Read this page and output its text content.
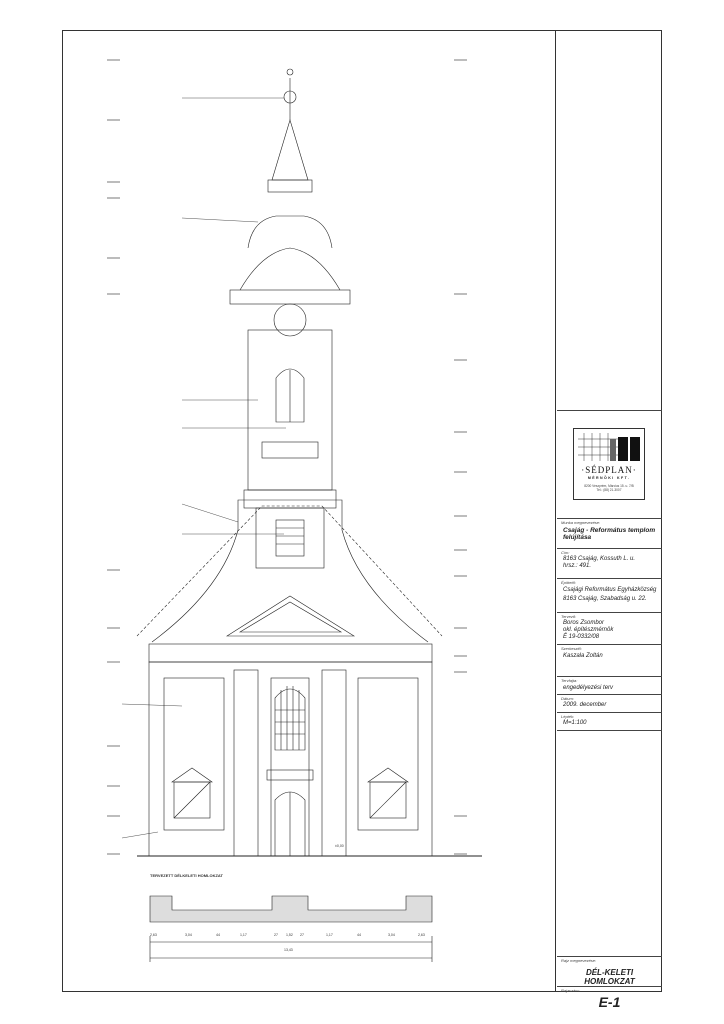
TERVEZETT DÉLKELETI HOMLOKZAT
·SÉDPLAN·
MÉRNÖKI KFT.
8200 Veszprém, Március 15. u. 7/B
Tel.: (88) 21-3007
Munka megnevezése:
Csajág - Református templom felújítása
Cím:
8163 Csajág, Kossuth L. u.
hrsz.: 491.
Építtető:
Csajági Református Egyházközség
8163 Csajág, Szabadság u. 22.
Tervező:
Boros Zsombor
okl. építészmérnök
É 19-0332/08
Szerkesztő:
Kaszala Zoltán
Tervfajta:
engedélyezési terv
Dátum:
2009. december
Lépték:
M=1:100
Rajz megnevezése:
DÉL-KELETI
HOMLOKZAT
Rajzszám:
E-1
±0,00
2,63	3,04	44	1,17	27 1,52 27	1,17	44	3,04	2,63
13,43
